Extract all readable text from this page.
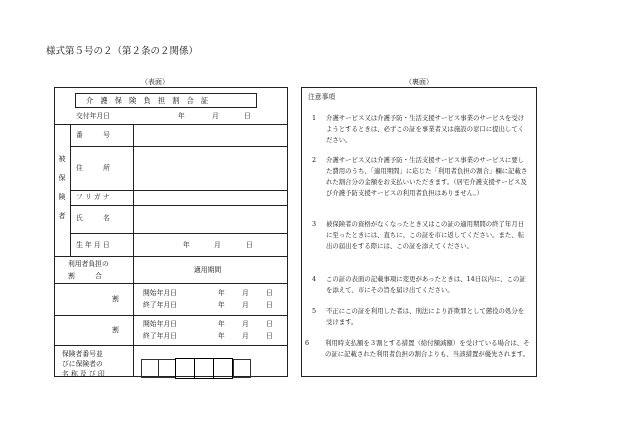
様式第５号の２（第２条の２関係）
（表面）	（裏面）
介　護　保　険　負　担　割　合　証
交付年月日	年	月	日
被
保
険
者
番　　　号
住　　　所
フ リ ガ ナ
氏　　　名
生 年 月 日	年	月	日
利用者負担の
割　　　合
適用期間
割
開始年月日	年	月	日
終了年月日	年	月	日
割
開始年月日	年	月	日
終了年月日	年	月	日
保険者番号並
びに保険者の
名 称 及 び 印
注意事項
1 介護サービス又は介護予防・生活支援サービス事業のサービスを受けようとするときは、必ずこの証を事業者又は施設の窓口に提出してください。
2 介護サービス又は介護予防・生活支援サービス事業のサービスに要した費用のうち、「適用期間」に応じた「利用者負担の割合」欄に記載された割合分の金額をお支払いいただきます。（居宅介護支援サービス及び介護予防支援サービスの利用者負担はありません。）
3 被保険者の資格がなくなったとき又はこの証の適用期間の終了年月日に至ったときには、直ちに、この証を市に返してください。また、転出の届出をする際には、この証を添えてください。
4 この証の表面の記載事項に変更があったときは、14日以内に、この証を添えて、市にその旨を届け出てください。
5 不正にこの証を利用した者は、刑法により詐欺罪として懲役の処分を受けます。
6 利用時支払額を３割とする措置（給付額減額）を受けている場合は、その証に記載された利用者負担の割合よりも、当該措置が優先されます。
